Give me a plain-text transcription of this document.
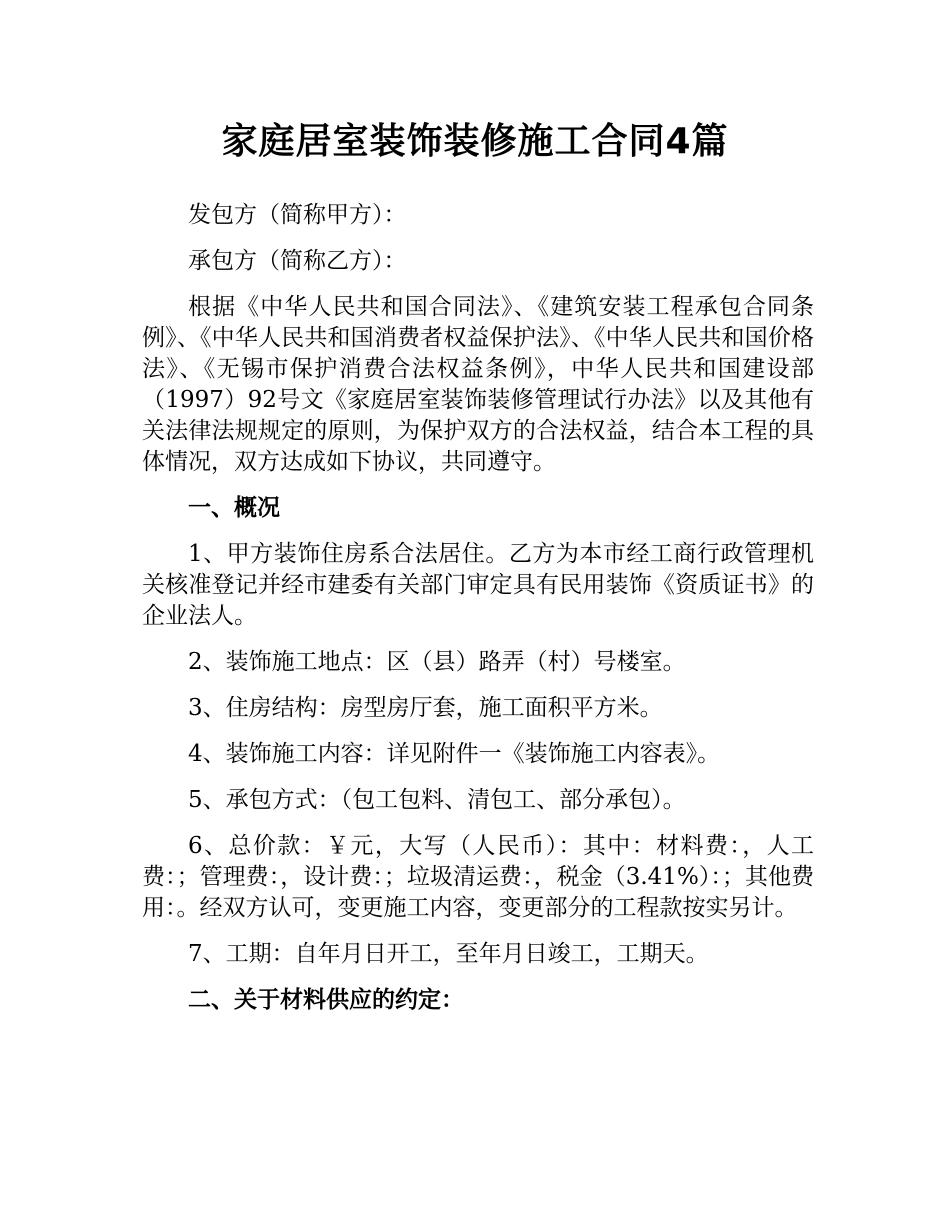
家庭居室装饰装修施工合同4篇

发包方（简称甲方）：

承包方（简称乙方）：

根据《中华人民共和国合同法》、《建筑安装工程承包合同条例》、《中华人民共和国消费者权益保护法》、《中华人民共和国价格法》、《无锡市保护消费合法权益条例》，中华人民共和国建设部（1997）92号文《家庭居室装饰装修管理试行办法》以及其他有关法律法规规定的原则，为保护双方的合法权益，结合本工程的具体情况，双方达成如下协议，共同遵守。

一、概况

1、甲方装饰住房系合法居住。乙方为本市经工商行政管理机关核准登记并经市建委有关部门审定具有民用装饰《资质证书》的企业法人。

2、装饰施工地点：区（县）路弄（村）号楼室。

3、住房结构：房型房厅套，施工面积平方米。

4、装饰施工内容：详见附件一《装饰施工内容表》。

5、承包方式：（包工包料、清包工、部分承包）。

6、总价款：￥元，大写（人民币）：其中：材料费：，人工费：；管理费：，设计费：；垃圾清运费：，税金（3.41%）：；其他费用：。经双方认可，变更施工内容，变更部分的工程款按实另计。

7、工期：自年月日开工，至年月日竣工，工期天。

二、关于材料供应的约定：
